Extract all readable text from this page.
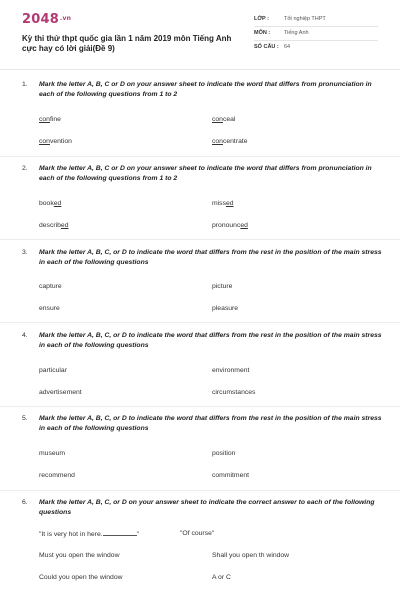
$2048^{.vn}$
Kỳ thi thử thpt quốc gia lần 1 năm 2019 môn Tiếng Anh cực hay có lời giải(Đề 9)
LỚP :	Tốt nghiệp THPT
MÔN :	Tiếng Anh
SỐ CÂU : 64
1. Mark the letter A, B, C or D on your answer sheet to indicate the word that differs from pronunciation in each of the following questions from 1 to 2
confine	conceal
convention	concentrate
2. Mark the letter A, B, C or D on your answer sheet to indicate the word that differs from pronunciation in each of the following questions from 1 to 2
booked	missed
described	pronounced
3. Mark the letter A, B, C, or D to indicate the word that differs from the rest in the position of the main stress in each of the following questions
capture	picture
ensure	pleasure
4. Mark the letter A, B, C, or D to indicate the word that differs from the rest in the position of the main stress in each of the following questions
particular	environment
advertisement	circumstances
5. Mark the letter A, B, C, or D to indicate the word that differs from the rest in the position of the main stress in each of the following questions
museum	position
recommend	commitment
6. Mark the letter A, B, C, or D on your answer sheet to indicate the correct answer to each of the following questions
"It is very hot in here.	"	"Of course"
Must you open the window	Shall you open th window
Could you open the window	A or C
